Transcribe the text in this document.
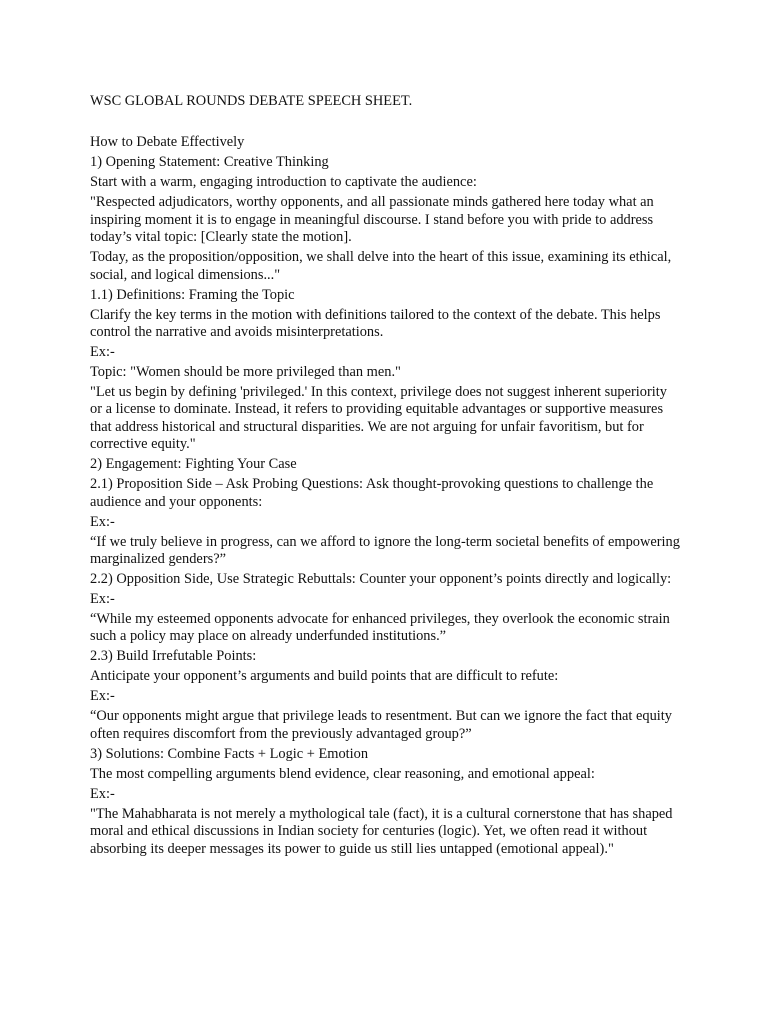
WSC GLOBAL ROUNDS DEBATE SPEECH SHEET.
How to Debate Effectively
1) Opening Statement: Creative Thinking
Start with a warm, engaging introduction to captivate the audience:
"Respected adjudicators, worthy opponents, and all passionate minds gathered here today what an inspiring moment it is to engage in meaningful discourse. I stand before you with pride to address today’s vital topic: [Clearly state the motion].
Today, as the proposition/opposition, we shall delve into the heart of this issue, examining its ethical, social, and logical dimensions..."
1.1) Definitions: Framing the Topic
Clarify the key terms in the motion with definitions tailored to the context of the debate. This helps control the narrative and avoids misinterpretations.
Ex:-
Topic: "Women should be more privileged than men."
"Let us begin by defining 'privileged.' In this context, privilege does not suggest inherent superiority or a license to dominate. Instead, it refers to providing equitable advantages or supportive measures that address historical and structural disparities. We are not arguing for unfair favoritism, but for corrective equity."
2) Engagement: Fighting Your Case
2.1) Proposition Side – Ask Probing Questions: Ask thought-provoking questions to challenge the audience and your opponents:
Ex:-
“If we truly believe in progress, can we afford to ignore the long-term societal benefits of empowering marginalized genders?”
2.2) Opposition Side, Use Strategic Rebuttals: Counter your opponent’s points directly and logically:
Ex:-
“While my esteemed opponents advocate for enhanced privileges, they overlook the economic strain such a policy may place on already underfunded institutions.”
2.3) Build Irrefutable Points:
Anticipate your opponent’s arguments and build points that are difficult to refute:
Ex:-
“Our opponents might argue that privilege leads to resentment. But can we ignore the fact that equity often requires discomfort from the previously advantaged group?”
3) Solutions: Combine Facts + Logic + Emotion
The most compelling arguments blend evidence, clear reasoning, and emotional appeal:
Ex:-
"The Mahabharata is not merely a mythological tale (fact), it is a cultural cornerstone that has shaped moral and ethical discussions in Indian society for centuries (logic). Yet, we often read it without absorbing its deeper messages its power to guide us still lies untapped (emotional appeal)."
